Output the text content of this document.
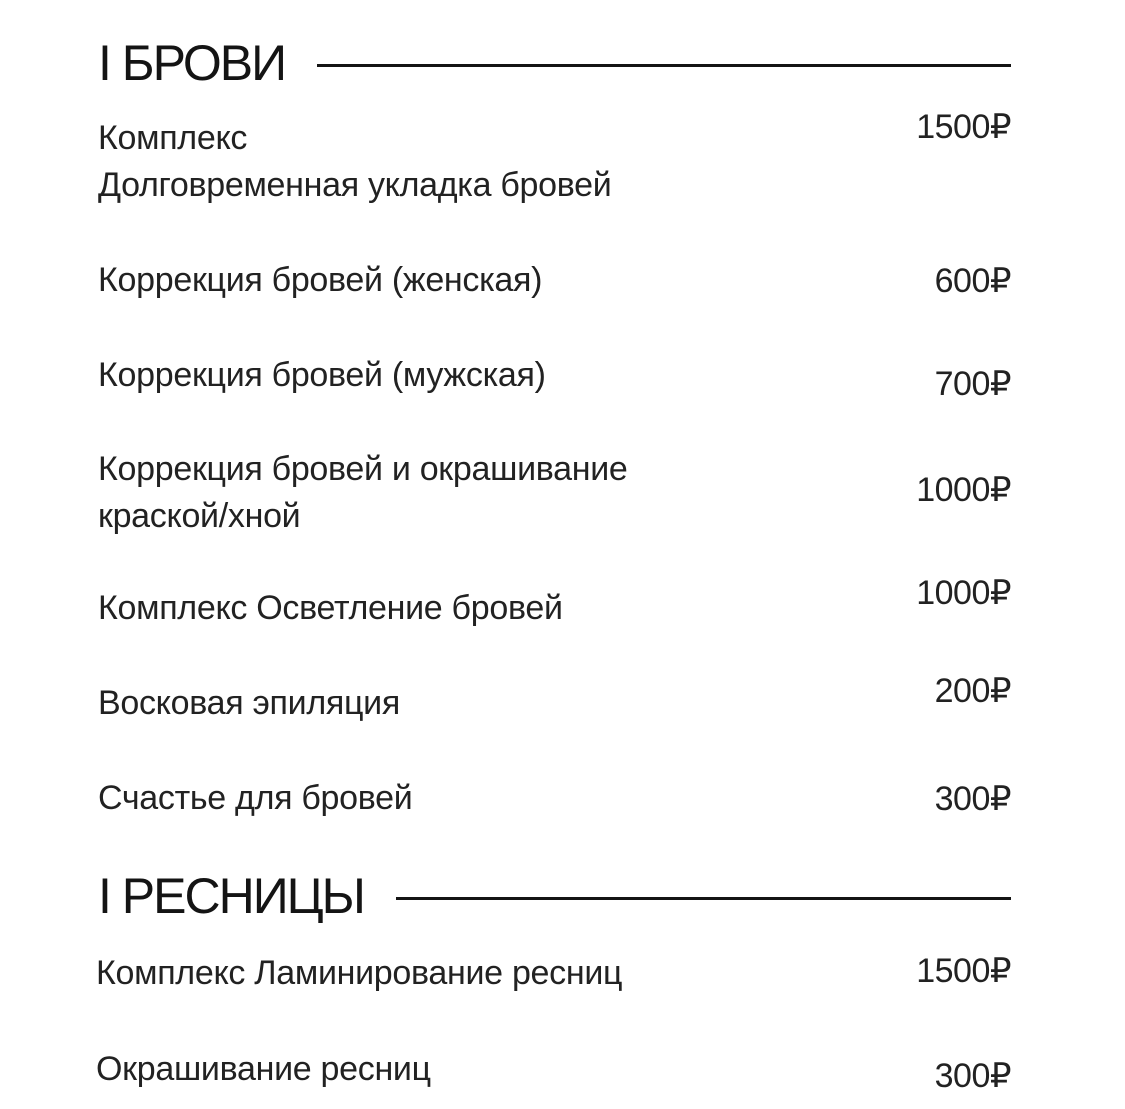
I БРОВИ
Комплекс
Долговременная укладка бровей
1500₽
Коррекция бровей (женская)	600₽
Коррекция бровей (мужская)	700₽
Коррекция бровей и окрашивание
краской/хной
1000₽
Комплекс Осветление бровей	1000₽
Восковая эпиляция	200₽
Счастье для бровей	300₽
I РЕСНИЦЫ
Комплекс Ламинирование ресниц	1500₽
Окрашивание ресниц	300₽
